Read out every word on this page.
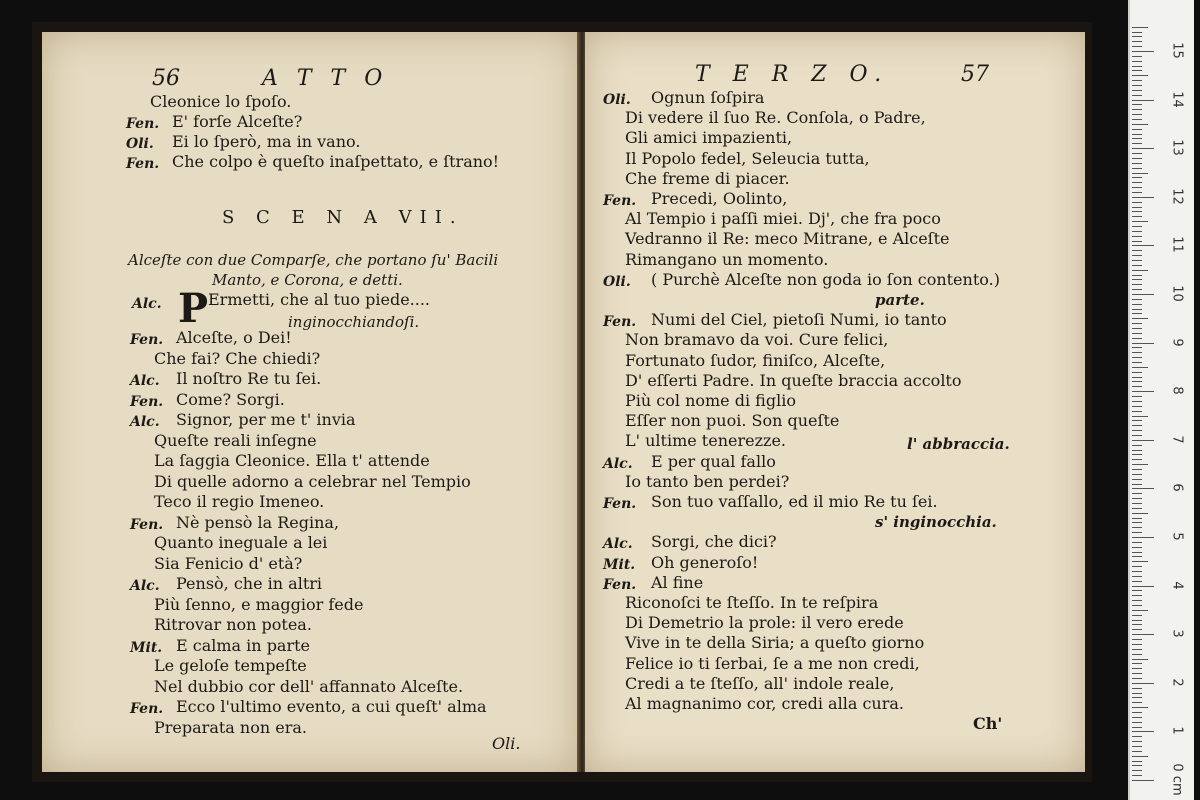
56	A T T O
Cleonice lo ſpoſo.
Fen. E' forſe Alceſte?
Oli. Ei lo ſperò, ma in vano.
Fen. Che colpo è queſto inaſpettato, e ſtrano!
S C E N A VII.
Alceſte con due Comparſe, che portano ſu' Bacili
Manto, e Corona, e detti.
Alc. P Ermetti, che al tuo piede....
inginocchiandoſi.
Fen. Alceſte, o Dei!
Che fai? Che chiedi?
Alc. Il noſtro Re tu ſei.
Fen. Come? Sorgi.
Alc. Signor, per me t' invia
Queſte reali inſegne
La ſaggia Cleonice. Ella t' attende
Di quelle adorno a celebrar nel Tempio
Teco il regio Imeneo.
Fen. Nè pensò la Regina,
Quanto ineguale a lei
Sia Fenicio d' età?
Alc. Pensò, che in altri
Più ſenno, e maggior fede
Ritrovar non potea.
Mit. E calma in parte
Le geloſe tempeſte
Nel dubbio cor dell' affannato Alceſte.
Fen. Ecco l'ultimo evento, a cui queſt' alma
Preparata non era.
Oli.
T E R Z O.	57
Oli. Ognun ſoſpira
Di vedere il ſuo Re. Conſola, o Padre,
Gli amici impazienti,
Il Popolo fedel, Seleucia tutta,
Che freme di piacer.
Fen. Precedi, Oolinto,
Al Tempio i paſſi miei. Dj', che fra poco
Vedranno il Re: meco Mitrane, e Alceſte
Rimangano un momento.
Oli. ( Purchè Alceſte non goda io ſon contento.)
parte.
Fen. Numi del Ciel, pietoſi Numi, io tanto
Non bramavo da voi. Cure felici,
Fortunato ſudor, finiſco, Alceſte,
D' eſſerti Padre. In queſte braccia accolto
Più col nome di figlio
Eſſer non puoi. Son queſte
L' ultime tenerezze.
Alc. E per qual fallo
Io tanto ben perdei?
Fen. Son tuo vaſſallo, ed il mio Re tu ſei.
s' inginocchia.
Alc. Sorgi, che dici?
Mit. Oh generoſo!
Fen. Al fine
Riconoſci te ſteſſo. In te reſpira
Di Demetrio la prole: il vero erede
Vive in te della Siria; a queſto giorno
Felice io ti ſerbai, ſe a me non credi,
Credi a te ſteſſo, all' indole reale,
Al magnanimo cor, credi alla cura.
l' abbraccia.
Ch'
15
14
13
12
11
10
9
8
7
6
5
4
3
2
1
0 cm
